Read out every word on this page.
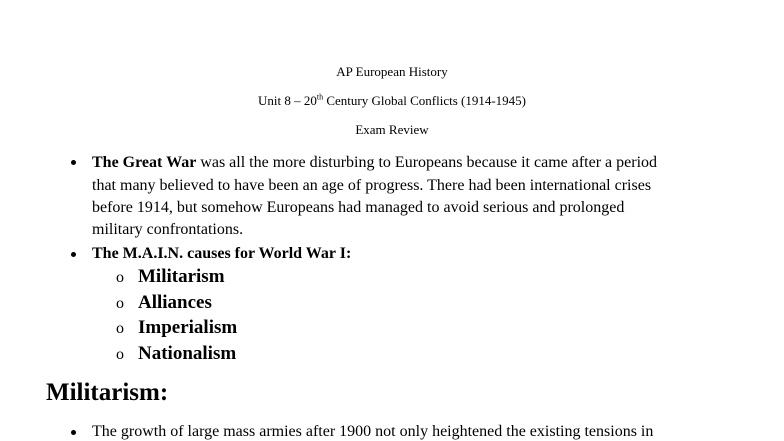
AP European History
Unit 8 – 20th Century Global Conflicts (1914-1945)
Exam Review
The Great War was all the more disturbing to Europeans because it came after a period
that many believed to have been an age of progress. There had been international crises
before 1914, but somehow Europeans had managed to avoid serious and prolonged
military confrontations.
The M.A.I.N. causes for World War I:
o Militarism
o Alliances
o Imperialism
o Nationalism
Militarism:
The growth of large mass armies after 1900 not only heightened the existing tensions in
